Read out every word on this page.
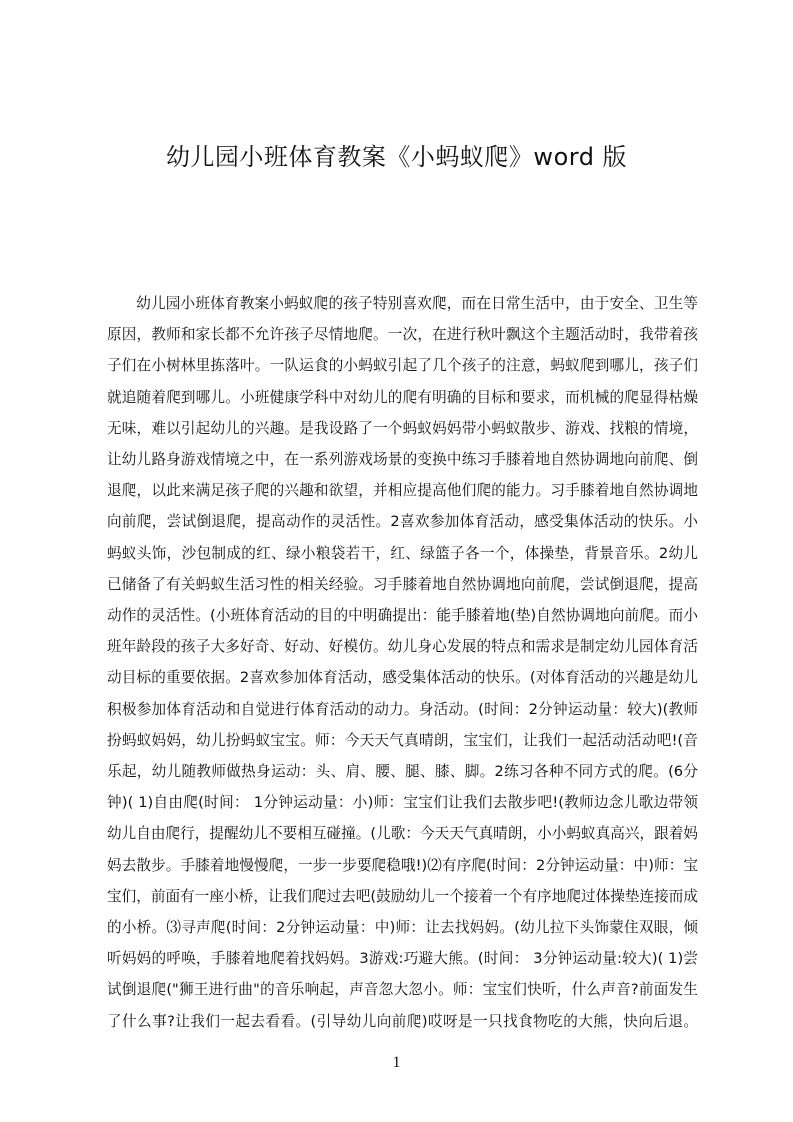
幼儿园小班体育教案《小蚂蚁爬》word 版

幼儿园小班体育教案小蚂蚁爬的孩子特别喜欢爬，而在日常生活中，由于安全、卫生等原因，教师和家长都不允许孩子尽情地爬。一次，在进行秋叶飘这个主题活动时，我带着孩子们在小树林里拣落叶。一队运食的小蚂蚁引起了几个孩子的注意，蚂蚁爬到哪儿，孩子们就追随着爬到哪儿。小班健康学科中对幼儿的爬有明确的目标和要求，而机械的爬显得枯燥无味，难以引起幼儿的兴趣。是我设路了一个蚂蚁妈妈带小蚂蚁散步、游戏、找粮的情境，让幼儿路身游戏情境之中，在一系列游戏场景的变换中练习手膝着地自然协调地向前爬、倒退爬，以此来满足孩子爬的兴趣和欲望，并相应提高他们爬的能力。习手膝着地自然协调地向前爬，尝试倒退爬，提高动作的灵活性。2喜欢参加体育活动，感受集体活动的快乐。小蚂蚁头饰，沙包制成的红、绿小粮袋若干，红、绿篮子各一个，体操垫，背景音乐。2幼儿已储备了有关蚂蚁生活习性的相关经验。习手膝着地自然协调地向前爬，尝试倒退爬，提高动作的灵活性。(小班体育活动的目的中明确提出：能手膝着地(垫)自然协调地向前爬。而小班年龄段的孩子大多好奇、好动、好模仿。幼儿身心发展的特点和需求是制定幼儿园体育活动目标的重要依据。2喜欢参加体育活动，感受集体活动的快乐。(对体育活动的兴趣是幼儿积极参加体育活动和自觉进行体育活动的动力。身活动。(时间：2分钟运动量：较大)(教师扮蚂蚁妈妈，幼儿扮蚂蚁宝宝。师：今天天气真晴朗，宝宝们，让我们一起活动活动吧!(音乐起，幼儿随教师做热身运动：头、肩、腰、腿、膝、脚。2练习各种不同方式的爬。(6分钟)( 1)自由爬(时间： 1分钟运动量：小)师：宝宝们让我们去散步吧!(教师边念儿歌边带领幼儿自由爬行，提醒幼儿不要相互碰撞。(儿歌：今天天气真晴朗，小小蚂蚁真高兴，跟着妈妈去散步。手膝着地慢慢爬，一步一步要爬稳哦!)⑵有序爬(时间：2分钟运动量：中)师：宝宝们，前面有一座小桥，让我们爬过去吧(鼓励幼儿一个接着一个有序地爬过体操垫连接而成的小桥。⑶寻声爬(时间：2分钟运动量：中)师：让去找妈妈。(幼儿拉下头饰蒙住双眼，倾听妈妈的呼唤，手膝着地爬着找妈妈。3游戏:巧避大熊。(时间： 3分钟运动量:较大)( 1)尝试倒退爬("狮王进行曲"的音乐响起，声音忽大忽小。师：宝宝们快听，什么声音?前面发生了什么事?让我们一起去看看。(引导幼儿向前爬)哎呀是一只找食物吃的大熊，快向后退。

1
